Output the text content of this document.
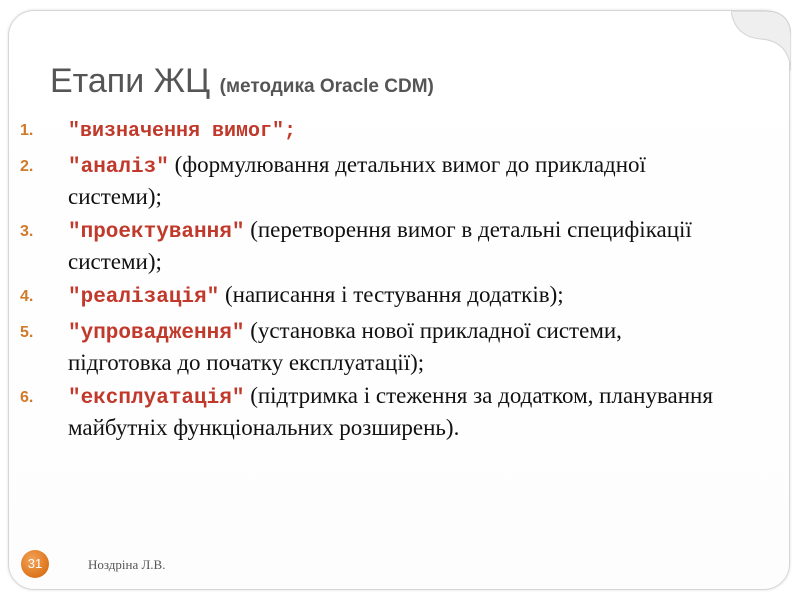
Етапи ЖЦ (методика Oracle CDM)
1.	"визначення вимог";
2.	"аналіз" (формулювання детальних вимог до прикладної системи);
3.	"проектування" (перетворення вимог в детальні специфікації системи);
4.	"реалізація" (написання і тестування додатків);
5.	"упровадження" (установка нової прикладної системи, підготовка до початку експлуатації);
6.	"експлуатація" (підтримка і стеження за додатком, планування майбутніх функціональних розширень).
31	Ноздріна Л.В.
